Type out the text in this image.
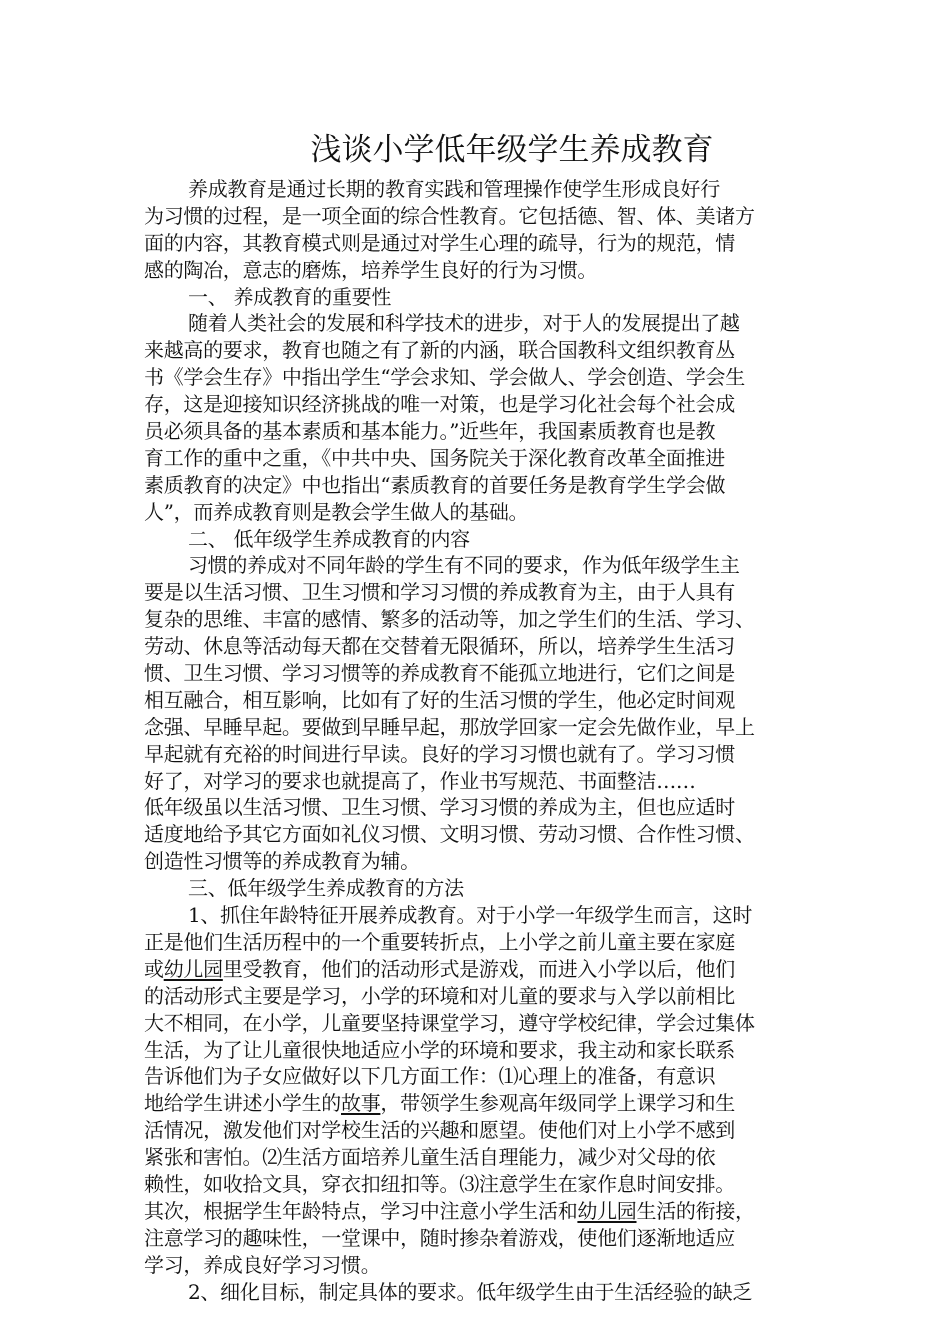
浅谈小学低年级学生养成教育
养成教育是通过长期的教育实践和管理操作使学生形成良好行
为习惯的过程，是一项全面的综合性教育。它包括德、智、体、美诸方
面的内容，其教育模式则是通过对学生心理的疏导，行为的规范，情
感的陶冶，意志的磨炼，培养学生良好的行为习惯。
一、 养成教育的重要性
随着人类社会的发展和科学技术的进步，对于人的发展提出了越
来越高的要求，教育也随之有了新的内涵，联合国教科文组织教育丛
书《学会生存》中指出学生“学会求知、学会做人、学会创造、学会生
存，这是迎接知识经济挑战的唯一对策，也是学习化社会每个社会成
员必须具备的基本素质和基本能力。”近些年，我国素质教育也是教
育工作的重中之重，《中共中央、国务院关于深化教育改革全面推进
素质教育的决定》中也指出“素质教育的首要任务是教育学生学会做
人”，而养成教育则是教会学生做人的基础。
二、 低年级学生养成教育的内容
习惯的养成对不同年龄的学生有不同的要求，作为低年级学生主
要是以生活习惯、卫生习惯和学习习惯的养成教育为主，由于人具有
复杂的思维、丰富的感情、繁多的活动等，加之学生们的生活、学习、
劳动、休息等活动每天都在交替着无限循环，所以，培养学生生活习
惯、卫生习惯、学习习惯等的养成教育不能孤立地进行，它们之间是
相互融合，相互影响，比如有了好的生活习惯的学生，他必定时间观
念强、早睡早起。要做到早睡早起，那放学回家一定会先做作业，早上
早起就有充裕的时间进行早读。良好的学习习惯也就有了。学习习惯
好了，对学习的要求也就提高了，作业书写规范、书面整洁……
低年级虽以生活习惯、卫生习惯、学习习惯的养成为主，但也应适时
适度地给予其它方面如礼仪习惯、文明习惯、劳动习惯、合作性习惯、
创造性习惯等的养成教育为辅。
三、低年级学生养成教育的方法
1、抓住年龄特征开展养成教育。对于小学一年级学生而言，这时
正是他们生活历程中的一个重要转折点，上小学之前儿童主要在家庭
或幼儿园里受教育，他们的活动形式是游戏，而进入小学以后，他们
的活动形式主要是学习，小学的环境和对儿童的要求与入学以前相比
大不相同，在小学，儿童要坚持课堂学习，遵守学校纪律，学会过集体
生活，为了让儿童很快地适应小学的环境和要求，我主动和家长联系
告诉他们为子女应做好以下几方面工作：⑴心理上的准备，有意识
地给学生讲述小学生的故事，带领学生参观高年级同学上课学习和生
活情况，激发他们对学校生活的兴趣和愿望。使他们对上小学不感到
紧张和害怕。⑵生活方面培养儿童生活自理能力，减少对父母的依
赖性，如收拾文具，穿衣扣纽扣等。⑶注意学生在家作息时间安排。
其次，根据学生年龄特点，学习中注意小学生活和幼儿园生活的衔接，
注意学习的趣味性，一堂课中，随时掺杂着游戏，使他们逐渐地适应
学习，养成良好学习习惯。
2、细化目标，制定具体的要求。低年级学生由于生活经验的缺乏
